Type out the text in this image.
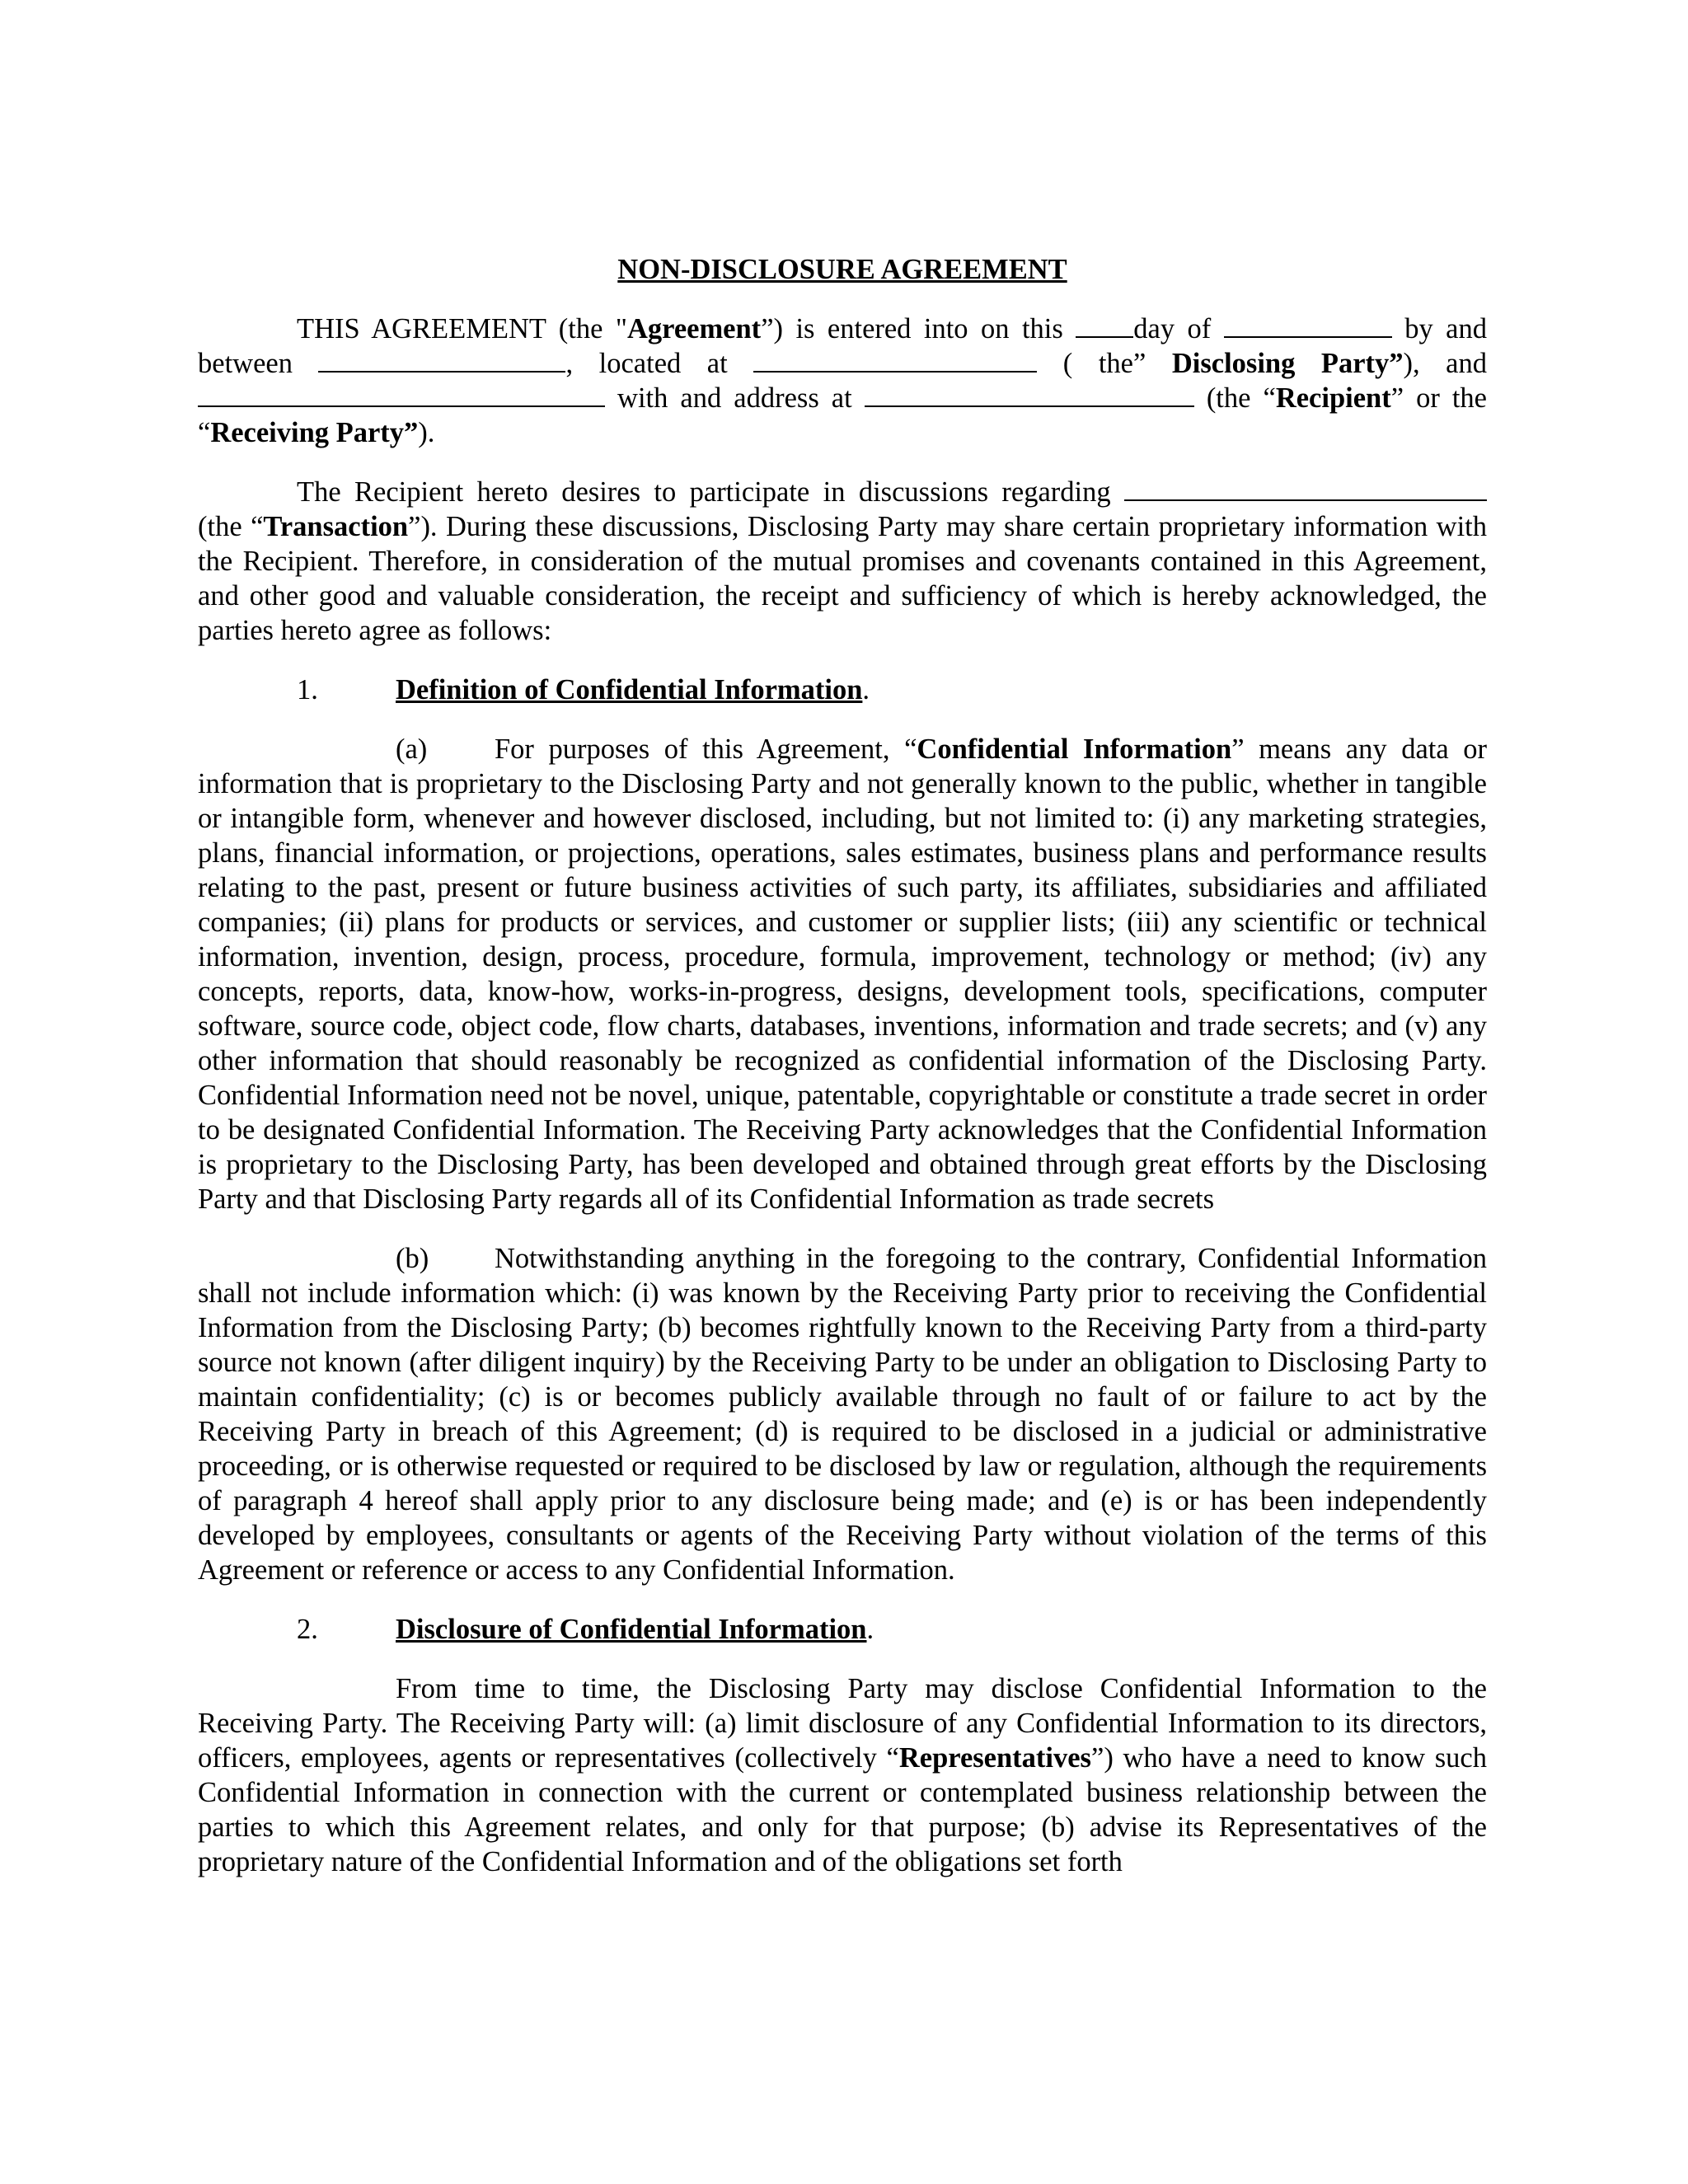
NON-DISCLOSURE AGREEMENT

THIS AGREEMENT (the "Agreement”) is entered into on this day of	by and

between	, located at	( the” Disclosing Party”), and

with and address at	(the “Recipient” or the

“Receiving Party”).

The Recipient hereto desires to participate in discussions regarding

(the “Transaction”). During these discussions, Disclosing Party may share certain proprietary information with the Recipient. Therefore, in consideration of the mutual promises and covenants contained in this Agreement, and other good and valuable consideration, the receipt and sufficiency of which is hereby acknowledged, the parties hereto agree as follows:

1.	Definition of Confidential Information.

(a) For purposes of this Agreement, “Confidential Information” means any data or information that is proprietary to the Disclosing Party and not generally known to the public, whether in tangible or intangible form, whenever and however disclosed, including, but not limited to: (i) any marketing strategies, plans, financial information, or projections, operations, sales estimates, business plans and performance results relating to the past, present or future business activities of such party, its affiliates, subsidiaries and affiliated companies; (ii) plans for products or services, and customer or supplier lists; (iii) any scientific or technical information, invention, design, process, procedure, formula, improvement, technology or method; (iv) any concepts, reports, data, know-how, works-in-progress, designs, development tools, specifications, computer software, source code, object code, flow charts, databases, inventions, information and trade secrets; and (v) any other information that should reasonably be recognized as confidential information of the Disclosing Party. Confidential Information need not be novel, unique, patentable, copyrightable or constitute a trade secret in order to be designated Confidential Information. The Receiving Party acknowledges that the Confidential Information is proprietary to the Disclosing Party, has been developed and obtained through great efforts by the Disclosing Party and that Disclosing Party regards all of its Confidential Information as trade secrets

(b) Notwithstanding anything in the foregoing to the contrary, Confidential Information shall not include information which: (i) was known by the Receiving Party prior to receiving the Confidential Information from the Disclosing Party; (b) becomes rightfully known to the Receiving Party from a third-party source not known (after diligent inquiry) by the Receiving Party to be under an obligation to Disclosing Party to maintain confidentiality; (c) is or becomes publicly available through no fault of or failure to act by the Receiving Party in breach of this Agreement; (d) is required to be disclosed in a judicial or administrative proceeding, or is otherwise requested or required to be disclosed by law or regulation, although the requirements of paragraph 4 hereof shall apply prior to any disclosure being made; and (e) is or has been independently developed by employees, consultants or agents of the Receiving Party without violation of the terms of this Agreement or reference or access to any Confidential Information.

2.	Disclosure of Confidential Information.

From time to time, the Disclosing Party may disclose Confidential Information to the Receiving Party. The Receiving Party will: (a) limit disclosure of any Confidential Information to its directors, officers, employees, agents or representatives (collectively “Representatives”) who have a need to know such Confidential Information in connection with the current or contemplated business relationship between the parties to which this Agreement relates, and only for that purpose; (b) advise its Representatives of the proprietary nature of the Confidential Information and of the obligations set forth
